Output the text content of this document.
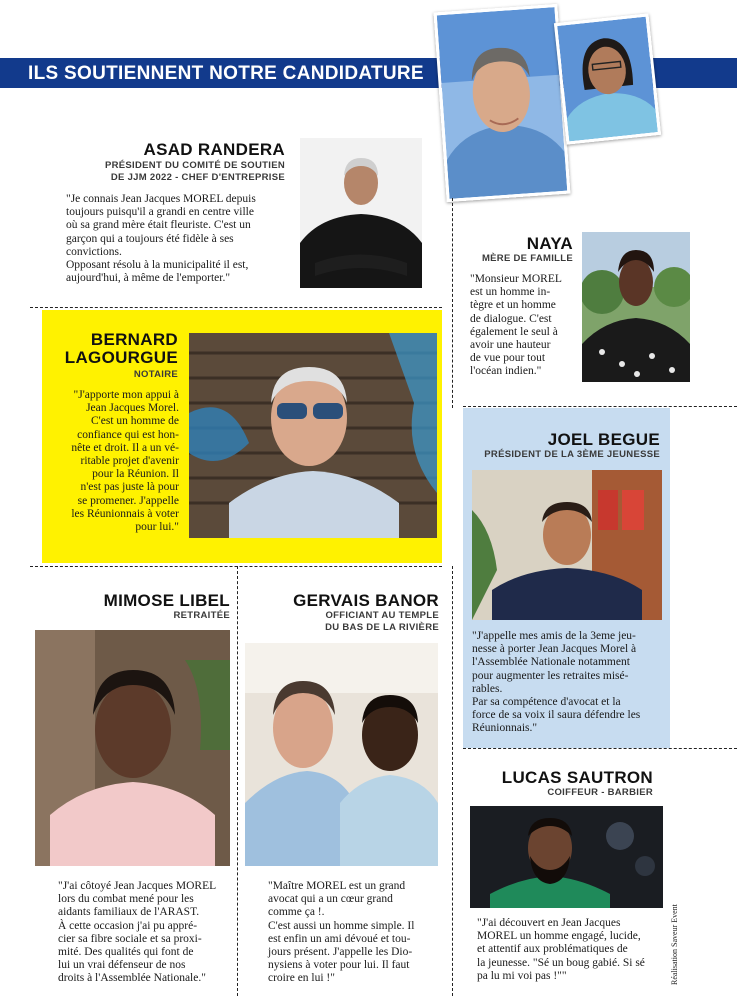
ILS SOUTIENNENT NOTRE CANDIDATURE
ASAD RANDERA
PRÉSIDENT DU COMITÉ DE SOUTIEN
DE JJM 2022 - CHEF D'ENTREPRISE
"Je connais Jean Jacques MOREL depuis
toujours puisqu'il a grandi en centre ville
où sa grand mère était fleuriste. C'est un
garçon qui a toujours été fidèle à ses
convictions.
Opposant résolu à la municipalité il est,
aujourd'hui, à même de l'emporter."
NAYA
MÈRE DE FAMILLE
"Monsieur MOREL
est un homme in-
tègre et un homme
de dialogue. C'est
également le seul à
avoir une hauteur
de vue pour tout
l'océan indien."
BERNARD
LAGOURGUE
NOTAIRE
"J'apporte mon appui à
Jean Jacques Morel.
C'est un homme de
confiance qui est hon-
nête et droit. Il a un vé-
ritable projet d'avenir
pour la Réunion. Il
n'est pas juste là pour
se promener. J'appelle
les Réunionnais à voter
pour lui."
JOEL BEGUE
PRÉSIDENT DE LA 3ÈME JEUNESSE
"J'appelle mes amis de la 3eme jeu-
nesse à porter Jean Jacques Morel à
l'Assemblée Nationale notamment
pour augmenter les retraites misé-
rables.
Par sa compétence d'avocat et la
force de sa voix il saura défendre les
Réunionnais."
MIMOSE LIBEL
RETRAITÉE
"J'ai côtoyé Jean Jacques MOREL
lors du combat mené pour les
aidants familiaux de l'ARAST.
À cette occasion j'ai pu appré-
cier sa fibre sociale et sa proxi-
mité. Des qualités qui font de
lui un vrai défenseur de nos
droits à l'Assemblée Nationale."
GERVAIS BANOR
OFFICIANT AU TEMPLE
DU BAS DE LA RIVIÈRE
"Maître MOREL est un grand
avocat qui a un cœur grand
comme ça !.
C'est aussi un homme simple. Il
est enfin un ami dévoué et tou-
jours présent. J'appelle les Dio-
nysiens à voter pour lui. Il faut
croire en lui !"
LUCAS SAUTRON
COIFFEUR - BARBIER
"J'ai découvert en Jean Jacques
MOREL un homme engagé, lucide,
et attentif aux problématiques de
la jeunesse. "Sé un boug gabié. Si sé
pa lu mi voi pas !""	Réalisation Saveur Event
